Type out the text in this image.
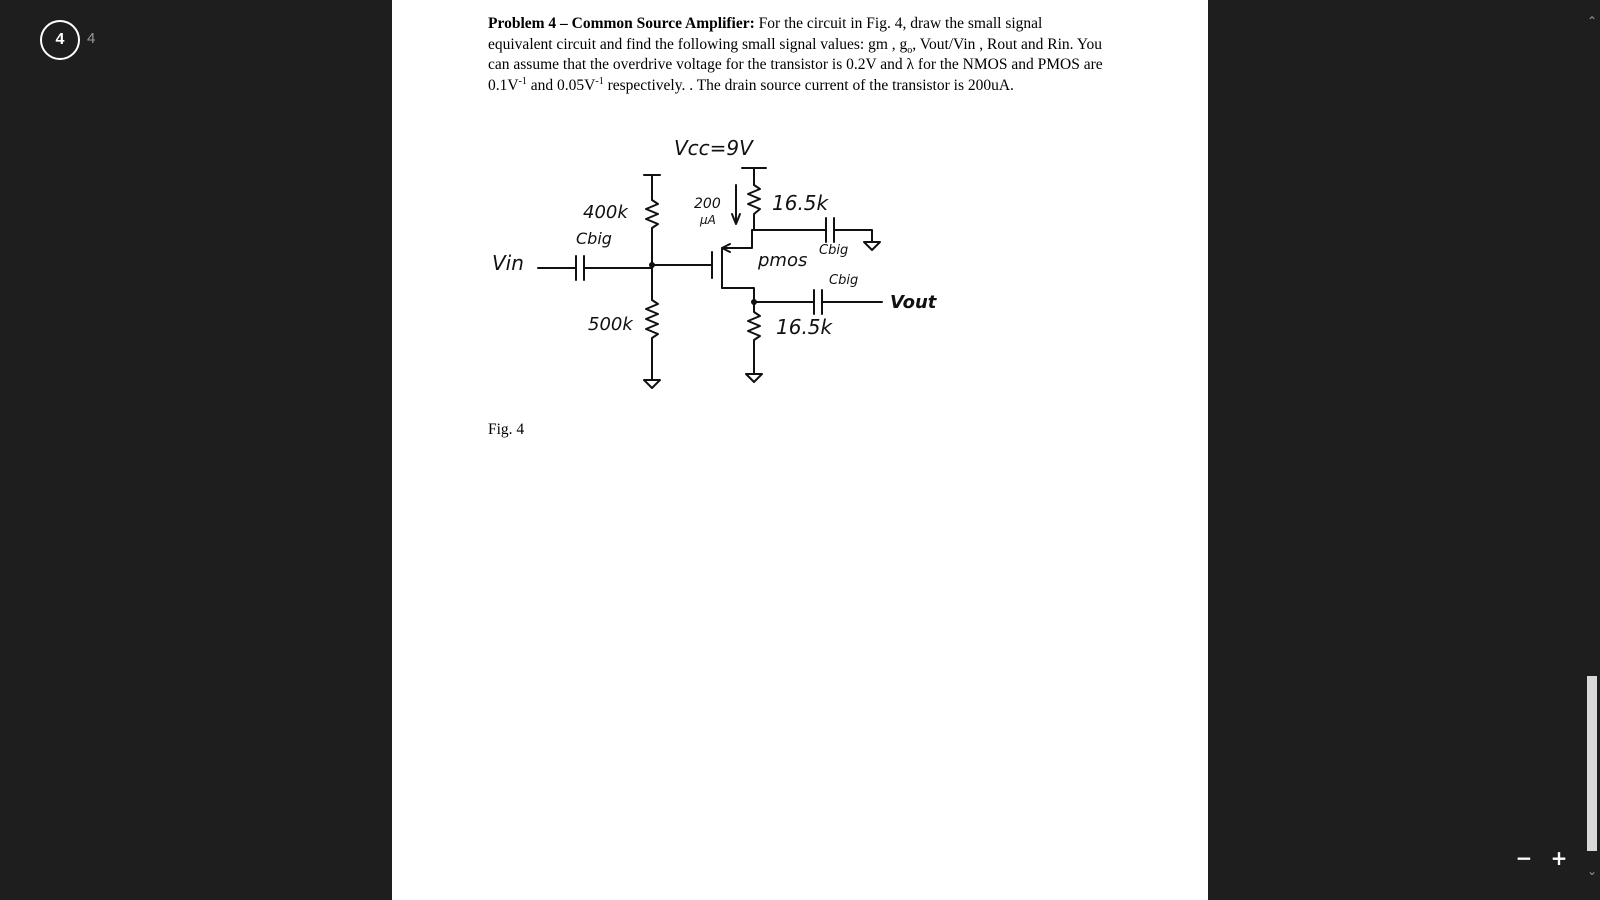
4	4
Problem 4 – Common Source Amplifier: For the circuit in Fig. 4, draw the small signal equivalent circuit and find the following small signal values: gm , $g_o$, Vout/Vin , Rout and Rin. You can assume that the overdrive voltage for the transistor is 0.2V and λ for the NMOS and PMOS are $0.1V^{-1}$ and $0.05V^{-1}$ respectively. . The drain source current of the transistor is 200uA.
Vcc=9V
400k
Cbig
Vin
200
μA
16.5k
pmos Cbig
Cbig
Vout
500k	16.5k
Fig. 4
⌃
⌄
− +
